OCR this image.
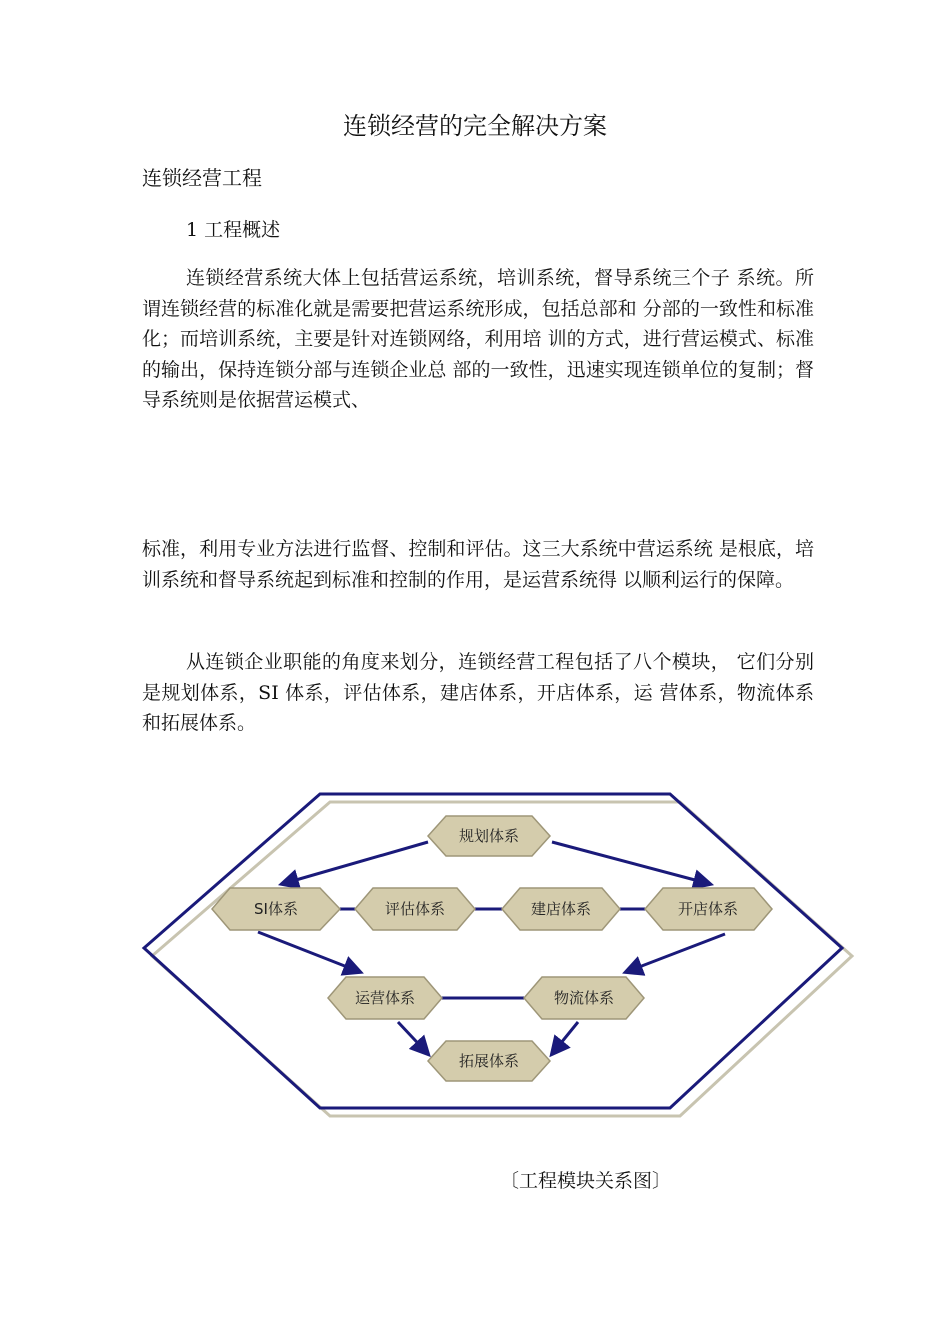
连锁经营的完全解决方案
连锁经营工程
1 工程概述

连锁经营系统大体上包括营运系统，培训系统，督导系统三个子 系统。所谓连锁经营的标准化就是需要把营运系统形成，包括总部和 分部的一致性和标准化；而培训系统，主要是针对连锁网络，利用培 训的方式，进行营运模式、标准的输出，保持连锁分部与连锁企业总 部的一致性，迅速实现连锁单位的复制；督导系统则是依据营运模式、

标准，利用专业方法进行监督、控制和评估。这三大系统中营运系统 是根底，培训系统和督导系统起到标准和控制的作用，是运营系统得 以顺利运行的保障。

从连锁企业职能的角度来划分，连锁经营工程包括了八个模块， 它们分别是规划体系，SI 体系，评估体系，建店体系，开店体系，运 营体系，物流体系和拓展体系。

规划体系
SI体系	评估体系	建店体系	开店体系
运营体系	物流体系
拓展体系
〔工程模块关系图〕
